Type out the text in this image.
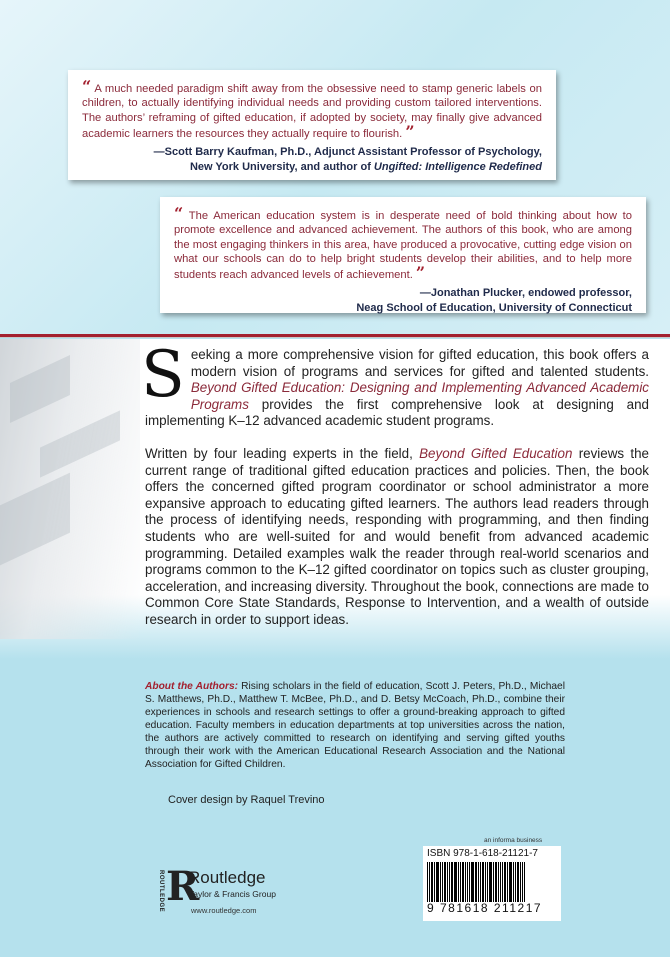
“ A much needed paradigm shift away from the obsessive need to stamp generic labels on children, to actually identifying individual needs and providing custom tailored interventions. The authors’ reframing of gifted education, if adopted by society, may finally give advanced academic learners the resources they actually require to flourish. ”
—Scott Barry Kaufman, Ph.D., Adjunct Assistant Professor of Psychology,
New York University, and author of Ungifted: Intelligence Redefined
“ The American education system is in desperate need of bold thinking about how to promote excellence and advanced achievement. The authors of this book, who are among the most engaging thinkers in this area, have produced a provocative, cutting edge vision on what our schools can do to help bright students develop their abilities, and to help more students reach advanced levels of achievement. ”
—Jonathan Plucker, endowed professor,
Neag School of Education, University of Connecticut

Seeking a more comprehensive vision for gifted education, this book offers a modern vision of programs and services for gifted and talented students. Beyond Gifted Education: Designing and Implementing Advanced Academic Programs provides the first comprehensive look at designing and implementing K–12 advanced academic student programs.

Written by four leading experts in the field, Beyond Gifted Education reviews the current range of traditional gifted education practices and policies. Then, the book offers the concerned gifted program coordinator or school administrator a more expansive approach to educating gifted learners. The authors lead readers through the process of identifying needs, responding with programming, and then finding students who are well-suited for and would benefit from advanced academic programming. Detailed examples walk the reader through real-world scenarios and programs common to the K–12 gifted coordinator on topics such as cluster grouping, acceleration, and increasing diversity. Throughout the book, connections are made to Common Core State Standards, Response to Intervention, and a wealth of outside research in order to support ideas.

About the Authors: Rising scholars in the field of education, Scott J. Peters, Ph.D., Michael S. Matthews, Ph.D., Matthew T. McBee, Ph.D., and D. Betsy McCoach, Ph.D., combine their experiences in schools and research settings to offer a ground-breaking approach to gifted education. Faculty members in education departments at top universities across the nation, the authors are actively committed to research on identifying and serving gifted youths through their work with the American Educational Research Association and the National Association for Gifted Children.
Cover design by Raquel Trevino
ROUTLEDGE R
Routledge
Taylor & Francis Group
www.routledge.com
an informa business
ISBN 978-1-618-21121-7
9 781618 211217
